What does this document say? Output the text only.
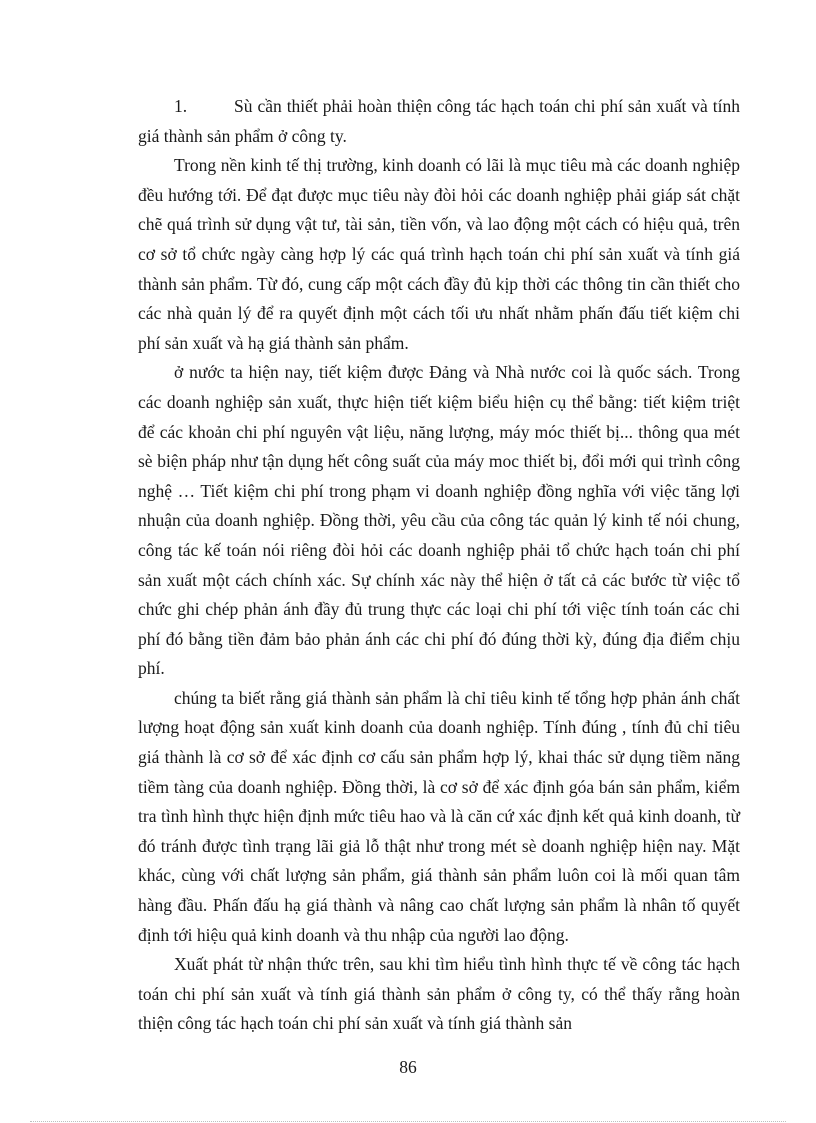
1.	Sù cần thiết phải hoàn thiện công tác hạch toán chi phí sản xuất và tính giá thành sản phẩm ở công ty.

Trong nền kinh tế thị trường, kinh doanh có lãi là mục tiêu mà các doanh nghiệp đều hướng tới. Để đạt được mục tiêu này đòi hỏi các doanh nghiệp phải giáp sát chặt chẽ quá trình sử dụng vật tư, tài sản, tiền vốn, và lao động một cách có hiệu quả, trên cơ sở tổ chức ngày càng hợp lý các quá trình hạch toán chi phí sản xuất và tính giá thành sản phẩm. Từ đó, cung cấp một cách đầy đủ kịp thời các thông tin cần thiết cho các nhà quản lý để ra quyết định một cách tối ưu nhất nhằm phấn đấu tiết kiệm chi phí sản xuất và hạ giá thành sản phẩm.

ở nước ta hiện nay, tiết kiệm được Đảng và Nhà nước coi là quốc sách. Trong các doanh nghiệp sản xuất, thực hiện tiết kiệm biểu hiện cụ thể bằng: tiết kiệm triệt để các khoản chi phí nguyên vật liệu, năng lượng, máy móc thiết bị... thông qua mét sè biện pháp như tận dụng hết công suất của máy moc thiết bị, đổi mới qui trình công nghệ … Tiết kiệm chi phí trong phạm vi doanh nghiệp đồng nghĩa với việc tăng lợi nhuận của doanh nghiệp. Đồng thời, yêu cầu của công tác quản lý kinh tế nói chung, công tác kế toán nói riêng đòi hỏi các doanh nghiệp phải tổ chức hạch toán chi phí sản xuất một cách chính xác. Sự chính xác này thể hiện ở tất cả các bước từ việc tổ chức ghi chép phản ánh đầy đủ trung thực các loại chi phí tới việc tính toán các chi phí đó bằng tiền đảm bảo phản ánh các chi phí đó đúng thời kỳ, đúng địa điểm chịu phí.

chúng ta biết rằng giá thành sản phẩm là chỉ tiêu kinh tế tổng hợp phản ánh chất lượng hoạt động sản xuất kinh doanh của doanh nghiệp. Tính đúng , tính đủ chỉ tiêu giá thành là cơ sở để xác định cơ cấu sản phẩm hợp lý, khai thác sử dụng tiềm năng tiềm tàng của doanh nghiệp. Đồng thời, là cơ sở để xác định góa bán sản phẩm, kiểm tra tình hình thực hiện định mức tiêu hao và là căn cứ xác định kết quả kinh doanh, từ đó tránh được tình trạng lãi giả lỗ thật như trong mét sè doanh nghiệp hiện nay. Mặt khác, cùng với chất lượng sản phẩm, giá thành sản phẩm luôn coi là mối quan tâm hàng đầu. Phấn đấu hạ giá thành và nâng cao chất lượng sản phẩm là nhân tố quyết định tới hiệu quả kinh doanh và thu nhập của người lao động.

Xuất phát từ nhận thức trên, sau khi tìm hiểu tình hình thực tế về công tác hạch toán chi phí sản xuất và tính giá thành sản phẩm ở công ty, có thể thấy rằng hoàn thiện công tác hạch toán chi phí sản xuất và tính giá thành sản

86
